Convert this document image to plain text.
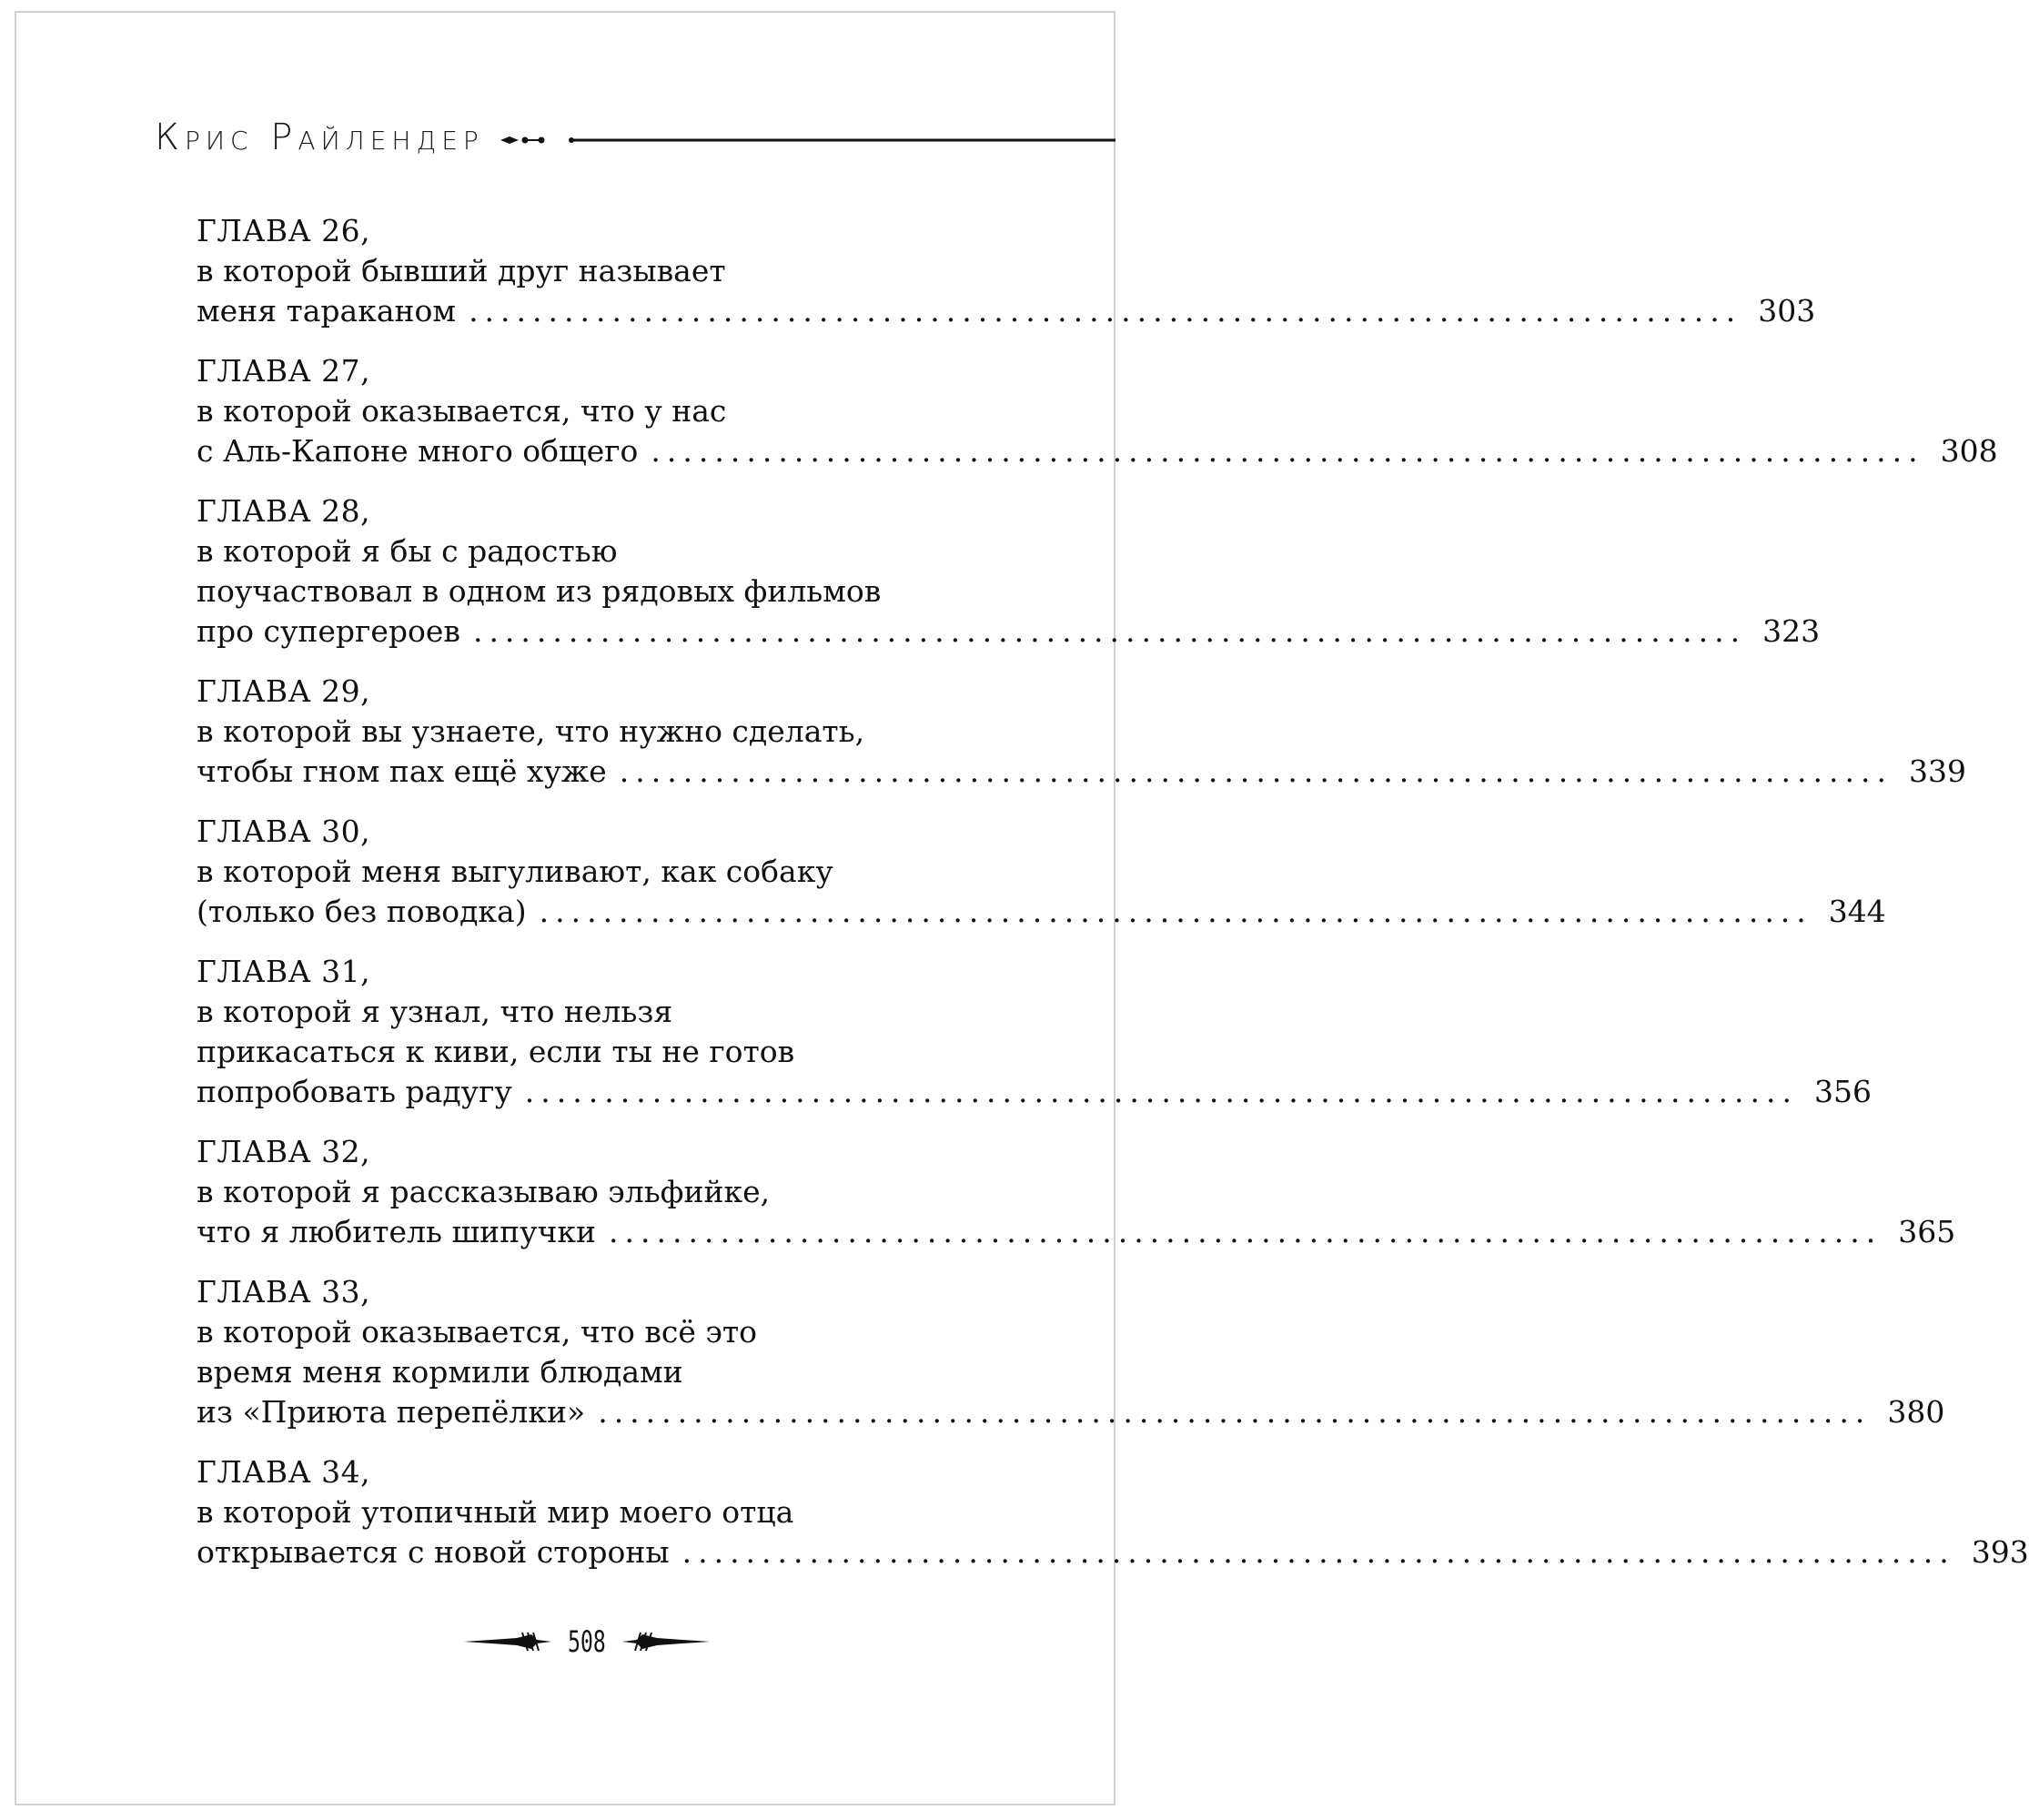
Крис Райлендер
ГЛАВА 26,
в которой бывший друг называет
меня тараканом ................................................................................ 303
ГЛАВА 27,
в которой оказывается, что у нас
с Аль-Капоне много общего ................................................................................ 308
ГЛАВА 28,
в которой я бы с радостью
поучаствовал в одном из рядовых фильмов
про супергероев ................................................................................ 323
ГЛАВА 29,
в которой вы узнаете, что нужно сделать,
чтобы гном пах ещё хуже ................................................................................ 339
ГЛАВА 30,
в которой меня выгуливают, как собаку
(только без поводка) ................................................................................ 344
ГЛАВА 31,
в которой я узнал, что нельзя
прикасаться к киви, если ты не готов
попробовать радугу ................................................................................ 356
ГЛАВА 32,
в которой я рассказываю эльфийке,
что я любитель шипучки ................................................................................ 365
ГЛАВА 33,
в которой оказывается, что всё это
время меня кормили блюдами
из «Приюта перепёлки» ................................................................................ 380
ГЛАВА 34,
в которой утопичный мир моего отца
открывается с новой стороны ................................................................................ 393
508
